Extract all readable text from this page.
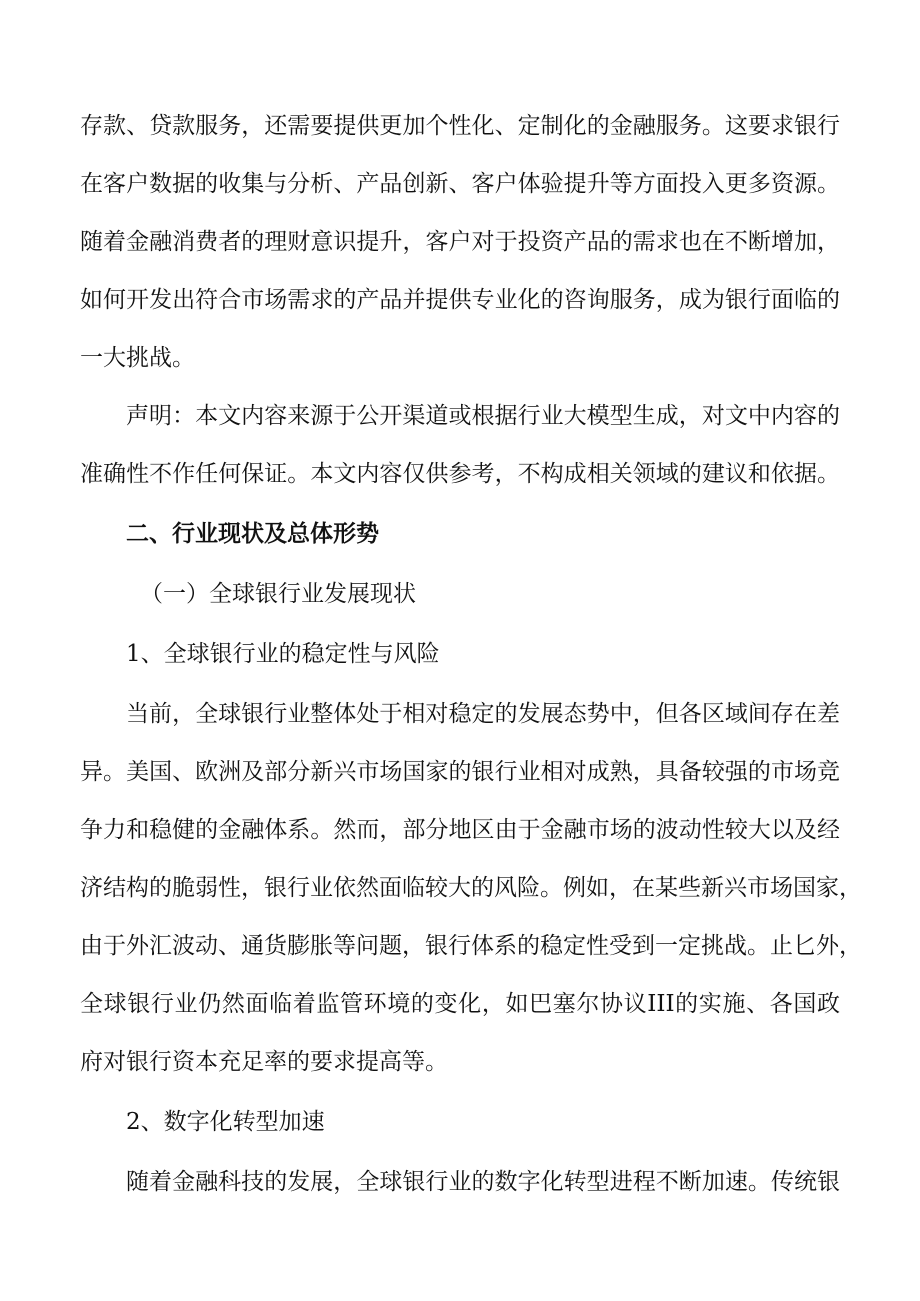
存款、贷款服务，还需要提供更加个性化、定制化的金融服务。这要求银行
在客户数据的收集与分析、产品创新、客户体验提升等方面投入更多资源。
随着金融消费者的理财意识提升，客户对于投资产品的需求也在不断增加，
如何开发出符合市场需求的产品并提供专业化的咨询服务，成为银行面临的
一大挑战。
声明：本文内容来源于公开渠道或根据行业大模型生成，对文中内容的
准确性不作任何保证。本文内容仅供参考，不构成相关领域的建议和依据。
二、行业现状及总体形势
（一）全球银行业发展现状
1、全球银行业的稳定性与风险
当前，全球银行业整体处于相对稳定的发展态势中，但各区域间存在差
异。美国、欧洲及部分新兴市场国家的银行业相对成熟，具备较强的市场竞
争力和稳健的金融体系。然而，部分地区由于金融市场的波动性较大以及经
济结构的脆弱性，银行业依然面临较大的风险。例如，在某些新兴市场国家，
由于外汇波动、通货膨胀等问题，银行体系的稳定性受到一定挑战。止匕外，
全球银行业仍然面临着监管环境的变化，如巴塞尔协议III的实施、各国政
府对银行资本充足率的要求提高等。
2、数字化转型加速
随着金融科技的发展，全球银行业的数字化转型进程不断加速。传统银
